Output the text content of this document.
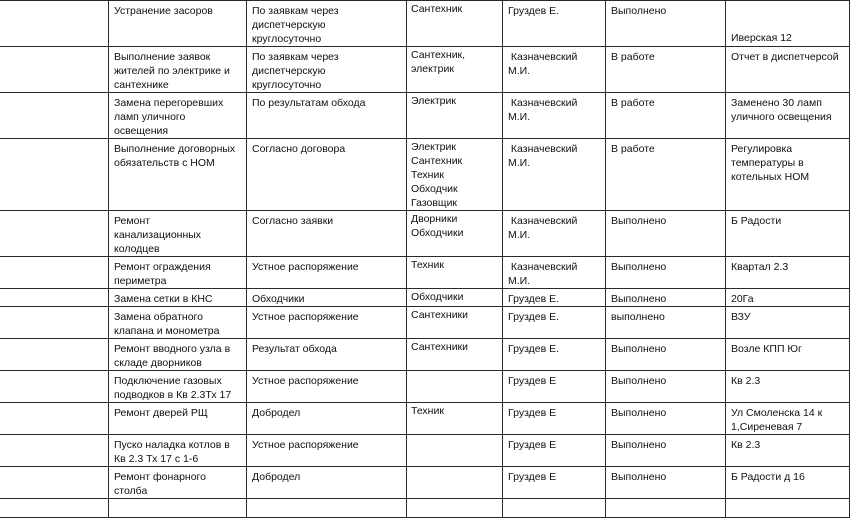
	Устранение засоров	По заявкам через
диспетчерскую
круглосуточно	Сантехник	Груздев Е.	Выполнено	Иверская 12

	Выполнение заявок
жителей по электрике и
сантехнике	По заявкам через
диспетчерскую
круглосуточно	Сантехник,
электрик	Казначевский
М.И.	В работе	Отчет в диспетчерсой

	Замена перегоревших
ламп уличного
освещения	По результатам обхода	Электрик	Казначевский
М.И.	В работе	Заменено 30 ламп
уличного освещения

	Выполнение договорных
обязательств с НОМ	Согласно договора	Электрик
Сантехник
Техник
Обходчик
Газовщик	Казначевский
М.И.	В работе	Регулировка
температуры в
котельных НОМ

	Ремонт
канализационных
колодцев	Согласно заявки	Дворники
Обходчики	Казначевский
М.И.	Выполнено	Б Радости

	Ремонт ограждения
периметра	Устное распоряжение	Техник	Казначевский
М.И.	Выполнено	Квартал 2.3

	Замена сетки в КНС	Обходчики	Обходчики	Груздев Е.	Выполнено	20Га

	Замена обратного
клапана и монометра	Устное распоряжение	Сантехники	Груздев Е.	выполнено	ВЗУ

	Ремонт вводного узла в
складе дворников	Результат обхода	Сантехники	Груздев Е.	Выполнено	Возле КПП Юг

	Подключение газовых
подводков в Кв 2.3Тх 17	Устное распоряжение		Груздев Е	Выполнено	Кв 2.3

	Ремонт дверей РЩ	Добродел	Техник	Груздев Е	Выполнено	Ул Смоленска 14 к
1,Сиреневая 7

	Пуско наладка котлов в
Кв 2.3 Тх 17 с 1-6	Устное распоряжение		Груздев Е	Выполнено	Кв 2.3

	Ремонт фонарного
столба	Добродел		Груздев Е	Выполнено	Б Радости д 16
